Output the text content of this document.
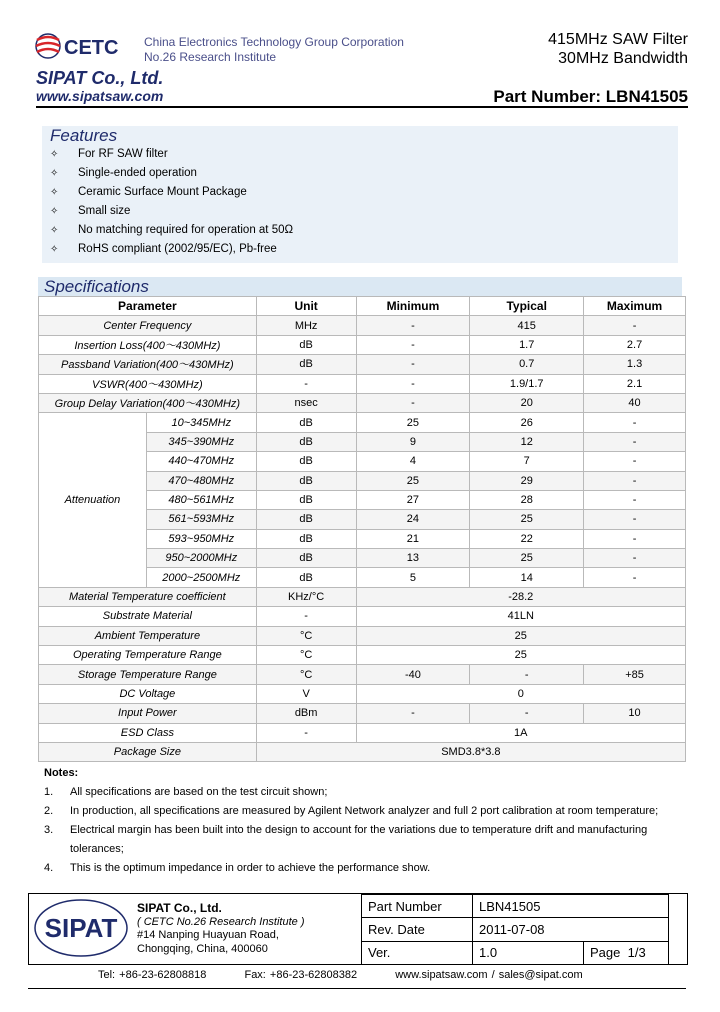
CETC China Electronics Technology Group Corporation
No.26 Research Institute
415MHz SAW Filter
30MHz Bandwidth
SIPAT Co., Ltd.
www.sipatsaw.com	Part Number: LBN41505
Features
✧ For RF SAW filter
✧ Single-ended operation
✧ Ceramic Surface Mount Package
✧ Small size
✧ No matching required for operation at 50Ω
✧ RoHS compliant (2002/95/EC), Pb-free
Specifications
Parameter		Unit	Minimum	Typical	Maximum
Center Frequency		MHz	-	415	-
Insertion Loss(400～430MHz)		dB	-	1.7	2.7
Passband Variation(400～430MHz)		dB	-	0.7	1.3
VSWR(400～430MHz)		-	-	1.9/1.7	2.1
Group Delay Variation(400～430MHz)		nsec	-	20	40
Attenuation	10~345MHz	dB	25	26	-
	345~390MHz	dB	9	12	-
	440~470MHz	dB	4	7	-
	470~480MHz	dB	25	29	-
	480~561MHz	dB	27	28	-
	561~593MHz	dB	24	25	-
	593~950MHz	dB	21	22	-
	950~2000MHz	dB	13	25	-
	2000~2500MHz	dB	5	14	-
Material Temperature coefficient		KHz/°C	-28.2		
Substrate Material		-	41LN		
Ambient Temperature		°C	25		
Operating Temperature Range		°C	25		
Storage Temperature Range		°C	-40	-	+85
DC Voltage		V	0		
Input Power		dBm	-	-	10
ESD Class		-	1A		
Package Size		SMD3.8*3.8			
Notes:
1.	All specifications are based on the test circuit shown;
2.	In production, all specifications are measured by Agilent Network analyzer and full 2 port calibration at room temperature;
3.	Electrical margin has been built into the design to account for the variations due to temperature drift and manufacturing tolerances;
4.	This is the optimum impedance in order to achieve the performance show.
SIPAT
SIPAT Co., Ltd.
( CETC No.26 Research Institute )
#14 Nanping Huayuan Road,
Chongqing, China, 400060
Part Number	LBN41505	
Rev. Date	2011-07-08	
Ver.	1.0	Page 1/3
Tel: +86-23-62808818	Fax: +86-23-62808382	www.sipatsaw.com / sales@sipat.com
